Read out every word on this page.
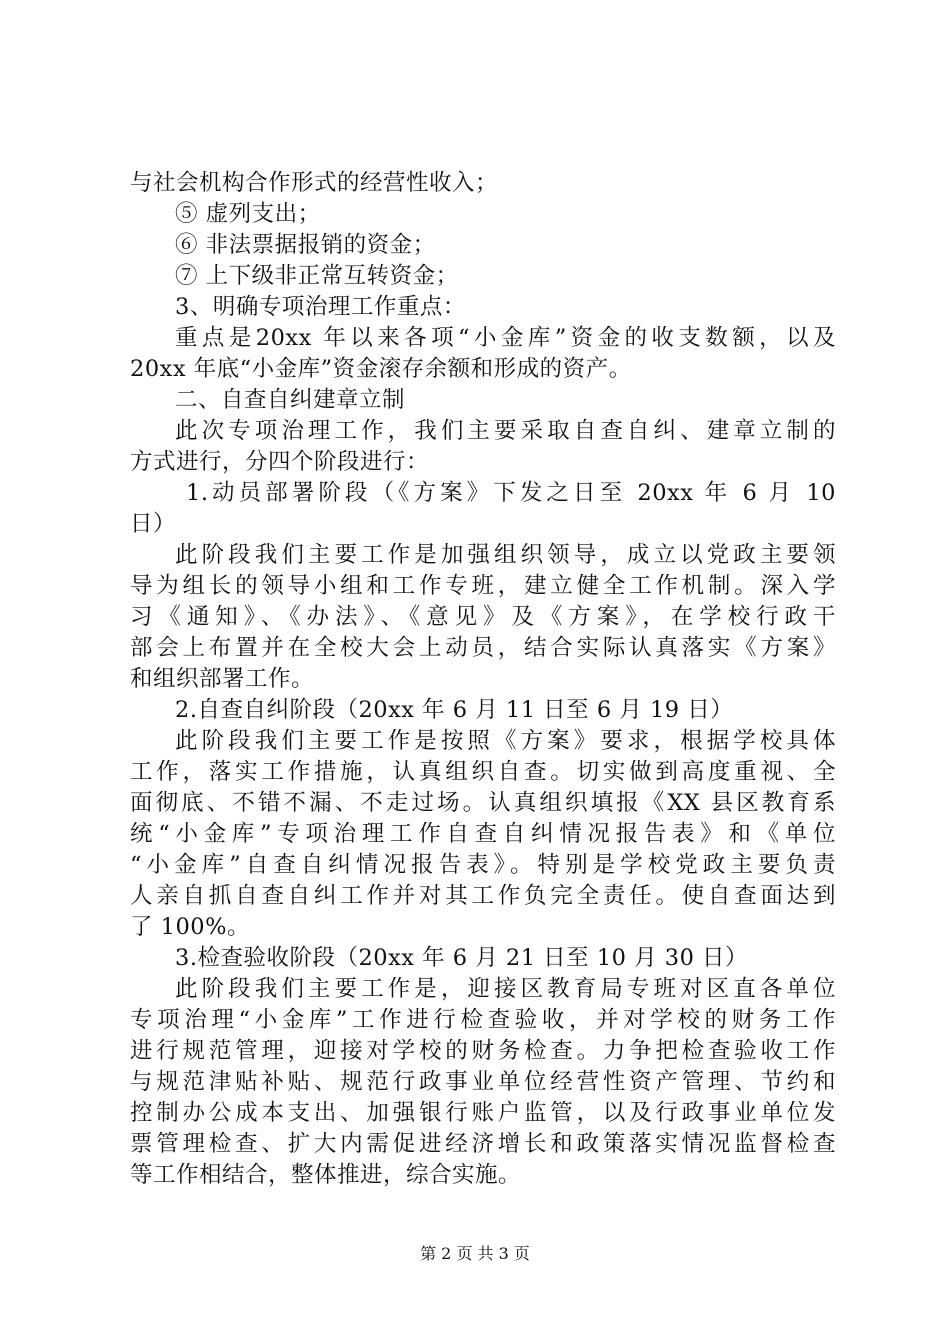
与社会机构合作形式的经营性收入；
⑤ 虚列支出；
⑥ 非法票据报销的资金；
⑦ 上下级非正常互转资金；
3、明确专项治理工作重点：
重点是20xx 年以来各项“小金库”资金的收支数额，以及
20xx 年底“小金库”资金滚存余额和形成的资产。
二、自查自纠建章立制
此次专项治理工作，我们主要采取自查自纠、建章立制的
方式进行，分四个阶段进行：
1.动员部署阶段（《方案》下发之日至 20xx 年 6 月 10
日）
此阶段我们主要工作是加强组织领导，成立以党政主要领
导为组长的领导小组和工作专班，建立健全工作机制。深入学
习《通知》、《办法》、《意见》及《方案》，在学校行政干
部会上布置并在全校大会上动员，结合实际认真落实《方案》
和组织部署工作。
2.自查自纠阶段（20xx 年 6 月 11 日至 6 月 19 日）
此阶段我们主要工作是按照《方案》要求，根据学校具体
工作，落实工作措施，认真组织自查。切实做到高度重视、全
面彻底、不错不漏、不走过场。认真组织填报《XX 县区教育系
统“小金库”专项治理工作自查自纠情况报告表》和《单位
“小金库”自查自纠情况报告表》。特别是学校党政主要负责
人亲自抓自查自纠工作并对其工作负完全责任。使自查面达到
了 100%。
3.检查验收阶段（20xx 年 6 月 21 日至 10 月 30 日）
此阶段我们主要工作是，迎接区教育局专班对区直各单位
专项治理“小金库”工作进行检查验收，并对学校的财务工作
进行规范管理，迎接对学校的财务检查。力争把检查验收工作
与规范津贴补贴、规范行政事业单位经营性资产管理、节约和
控制办公成本支出、加强银行账户监管，以及行政事业单位发
票管理检查、扩大内需促进经济增长和政策落实情况监督检查
等工作相结合，整体推进，综合实施。
第 2 页 共 3 页
